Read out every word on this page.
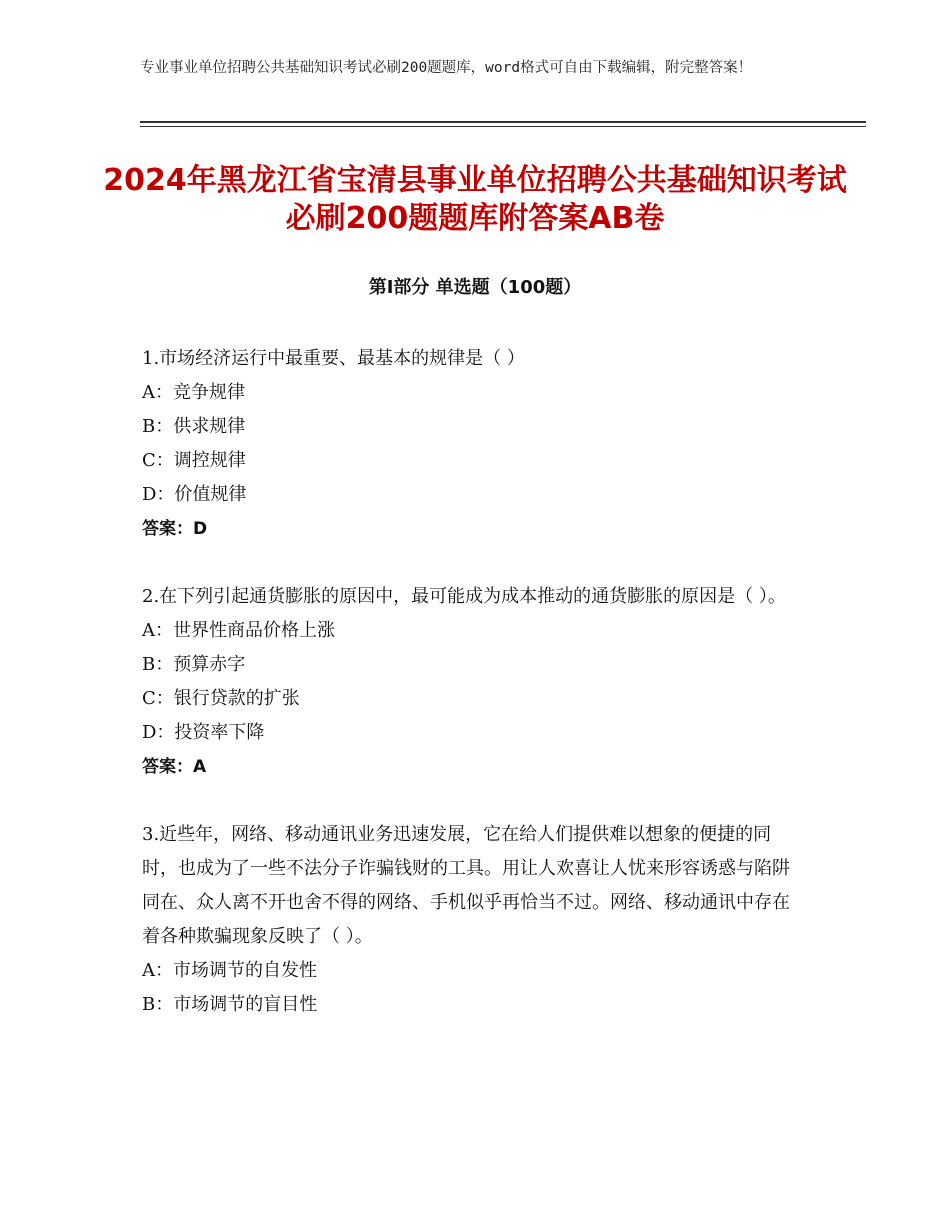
专业事业单位招聘公共基础知识考试必刷200题题库，word格式可自由下载编辑，附完整答案！
2024年黑龙江省宝清县事业单位招聘公共基础知识考试必刷200题题库附答案AB卷
第Ⅰ部分 单选题（100题）
1.市场经济运行中最重要、最基本的规律是（ ）
A：竞争规律
B：供求规律
C：调控规律
D：价值规律
答案：D
2.在下列引起通货膨胀的原因中，最可能成为成本推动的通货膨胀的原因是（ ）。
A：世界性商品价格上涨
B：预算赤字
C：银行贷款的扩张
D：投资率下降
答案：A
3.近些年，网络、移动通讯业务迅速发展，它在给人们提供难以想象的便捷的同时，也成为了一些不法分子诈骗钱财的工具。用让人欢喜让人忧来形容诱惑与陷阱同在、众人离不开也舍不得的网络、手机似乎再恰当不过。网络、移动通讯中存在着各种欺骗现象反映了（ ）。
A：市场调节的自发性
B：市场调节的盲目性
